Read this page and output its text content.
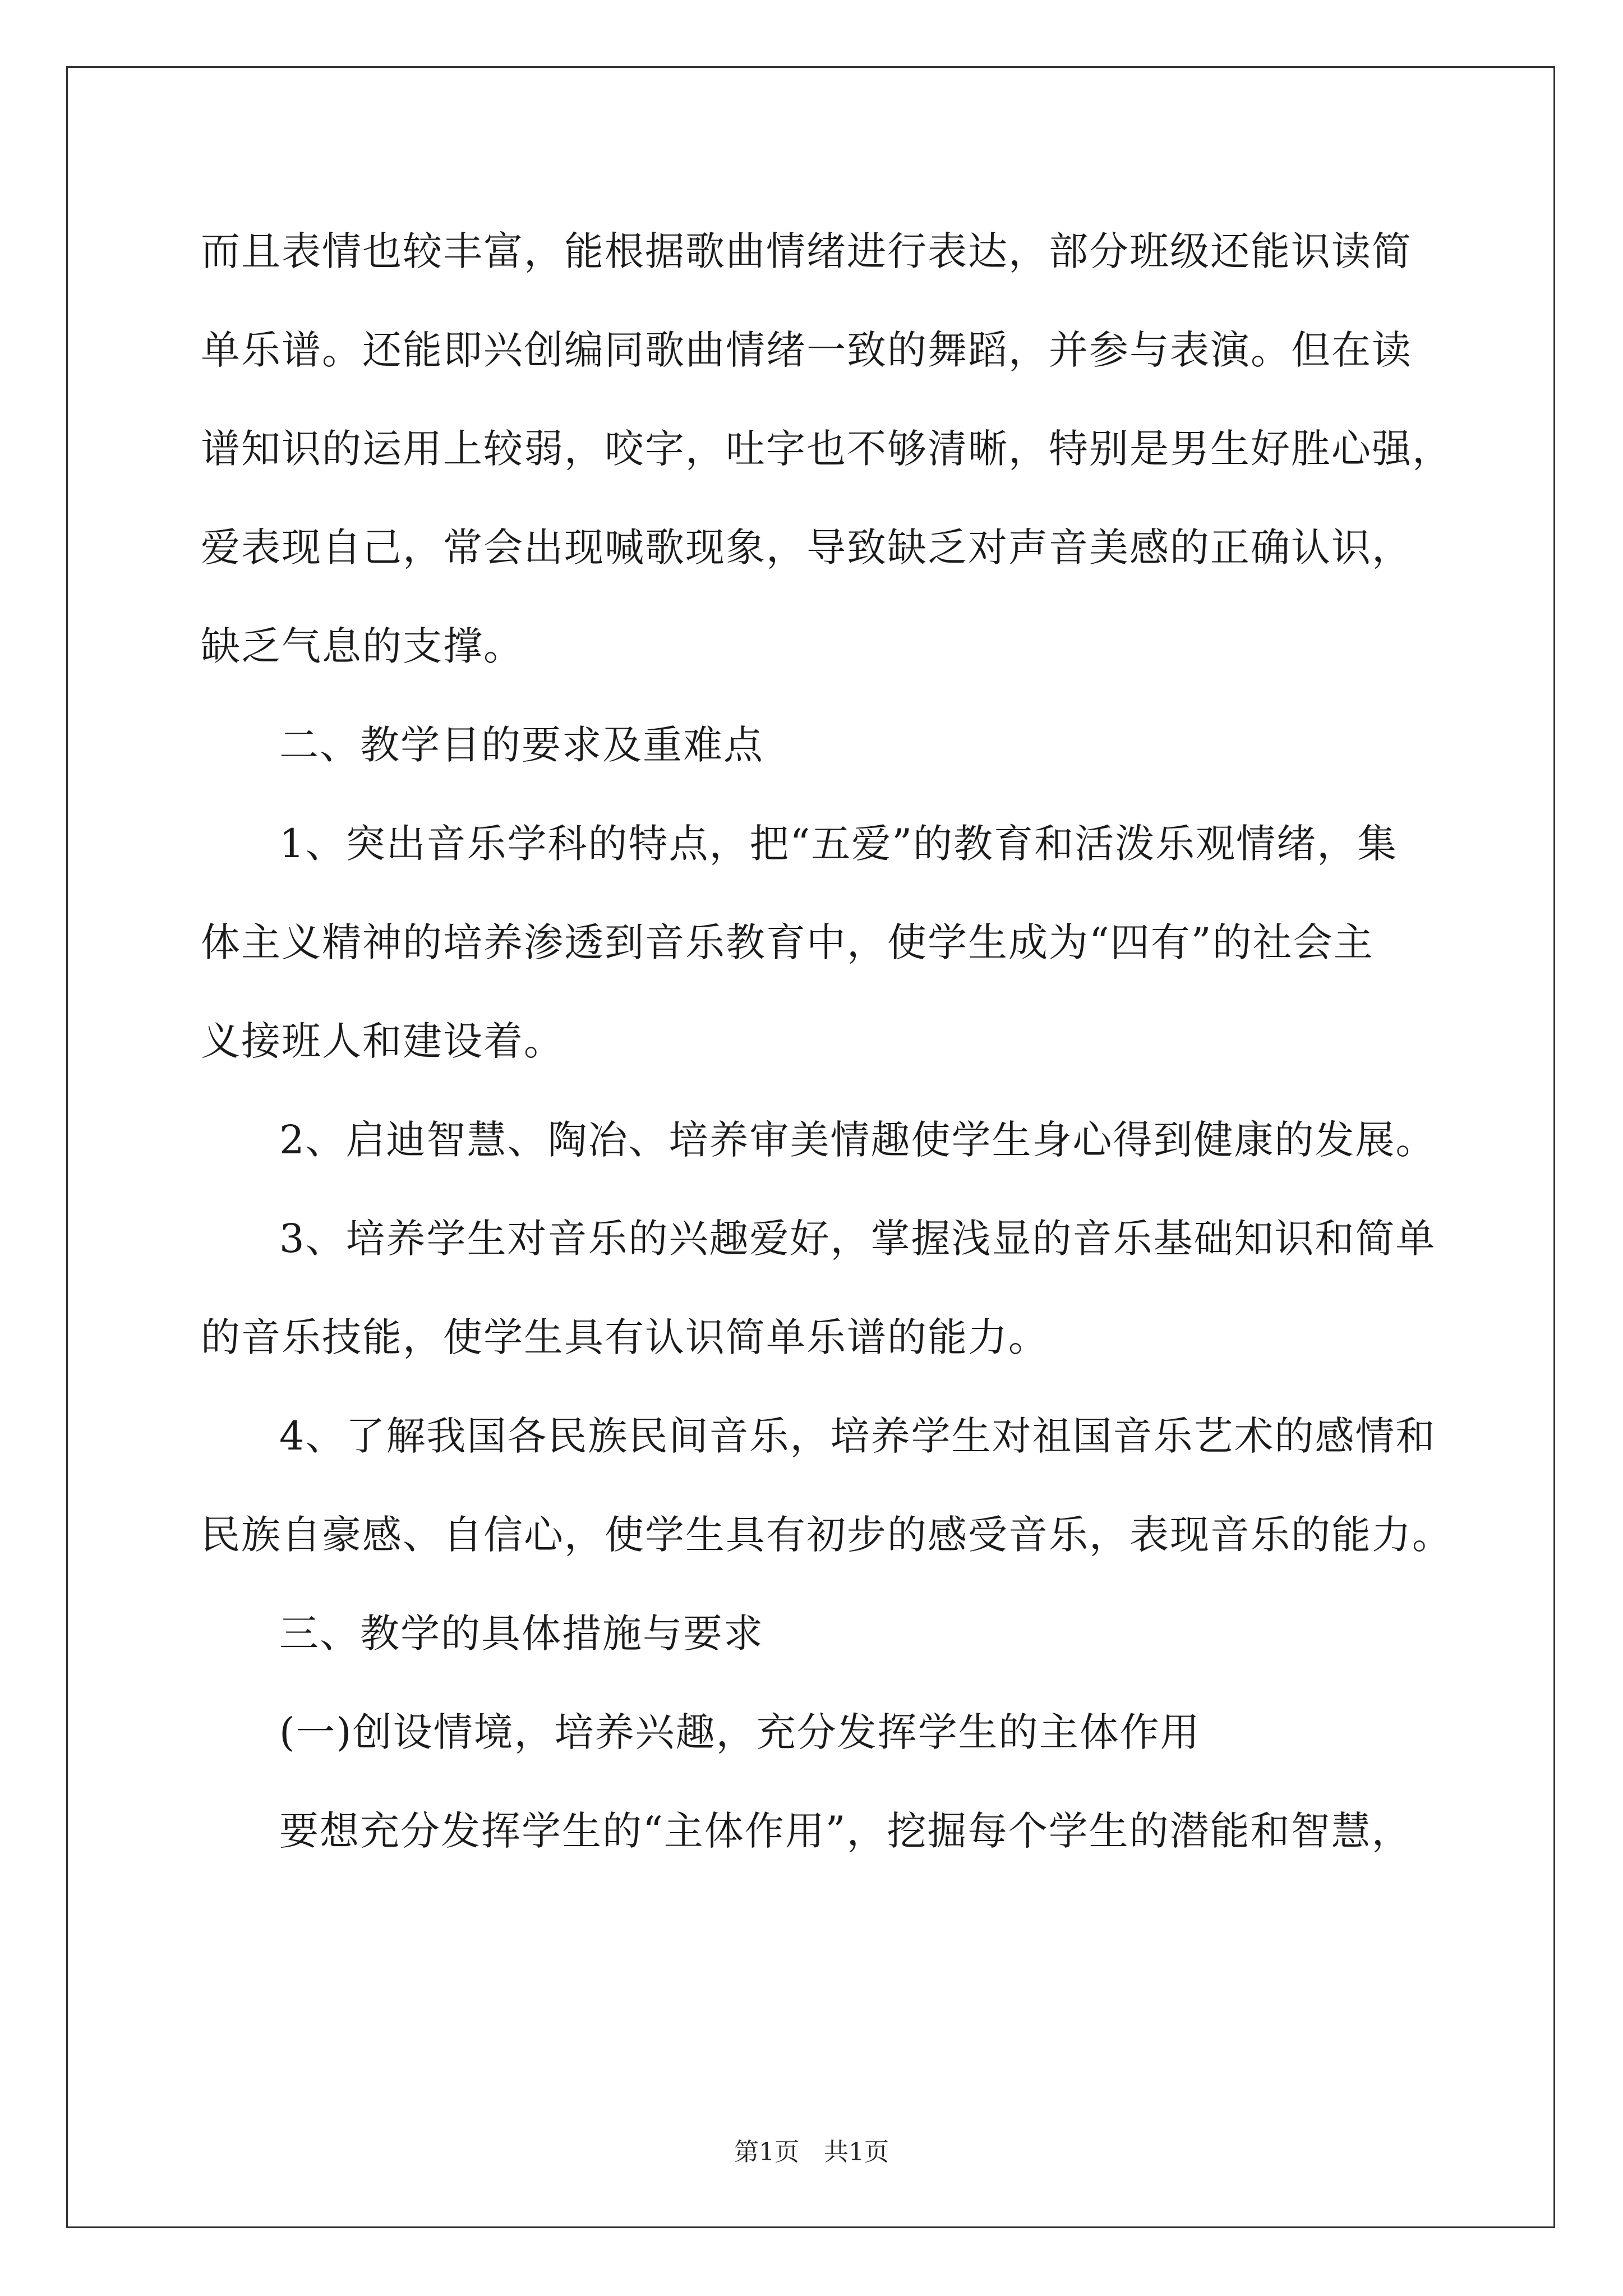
而且表情也较丰富，能根据歌曲情绪进行表达，部分班级还能识读简
单乐谱。还能即兴创编同歌曲情绪一致的舞蹈，并参与表演。但在读
谱知识的运用上较弱，咬字，吐字也不够清晰，特别是男生好胜心强，
爱表现自己，常会出现喊歌现象，导致缺乏对声音美感的正确认识，
缺乏气息的支撑。
二、教学目的要求及重难点
1、突出音乐学科的特点，把“五爱”的教育和活泼乐观情绪，集
体主义精神的培养渗透到音乐教育中，使学生成为“四有”的社会主
义接班人和建设着。
2、启迪智慧、陶冶、培养审美情趣使学生身心得到健康的发展。
3、培养学生对音乐的兴趣爱好，掌握浅显的音乐基础知识和简单
的音乐技能，使学生具有认识简单乐谱的能力。
4、了解我国各民族民间音乐，培养学生对祖国音乐艺术的感情和
民族自豪感、自信心，使学生具有初步的感受音乐，表现音乐的能力。
三、教学的具体措施与要求
(一)创设情境，培养兴趣，充分发挥学生的主体作用
要想充分发挥学生的“主体作用”，挖掘每个学生的潜能和智慧，
第1页　共1页
